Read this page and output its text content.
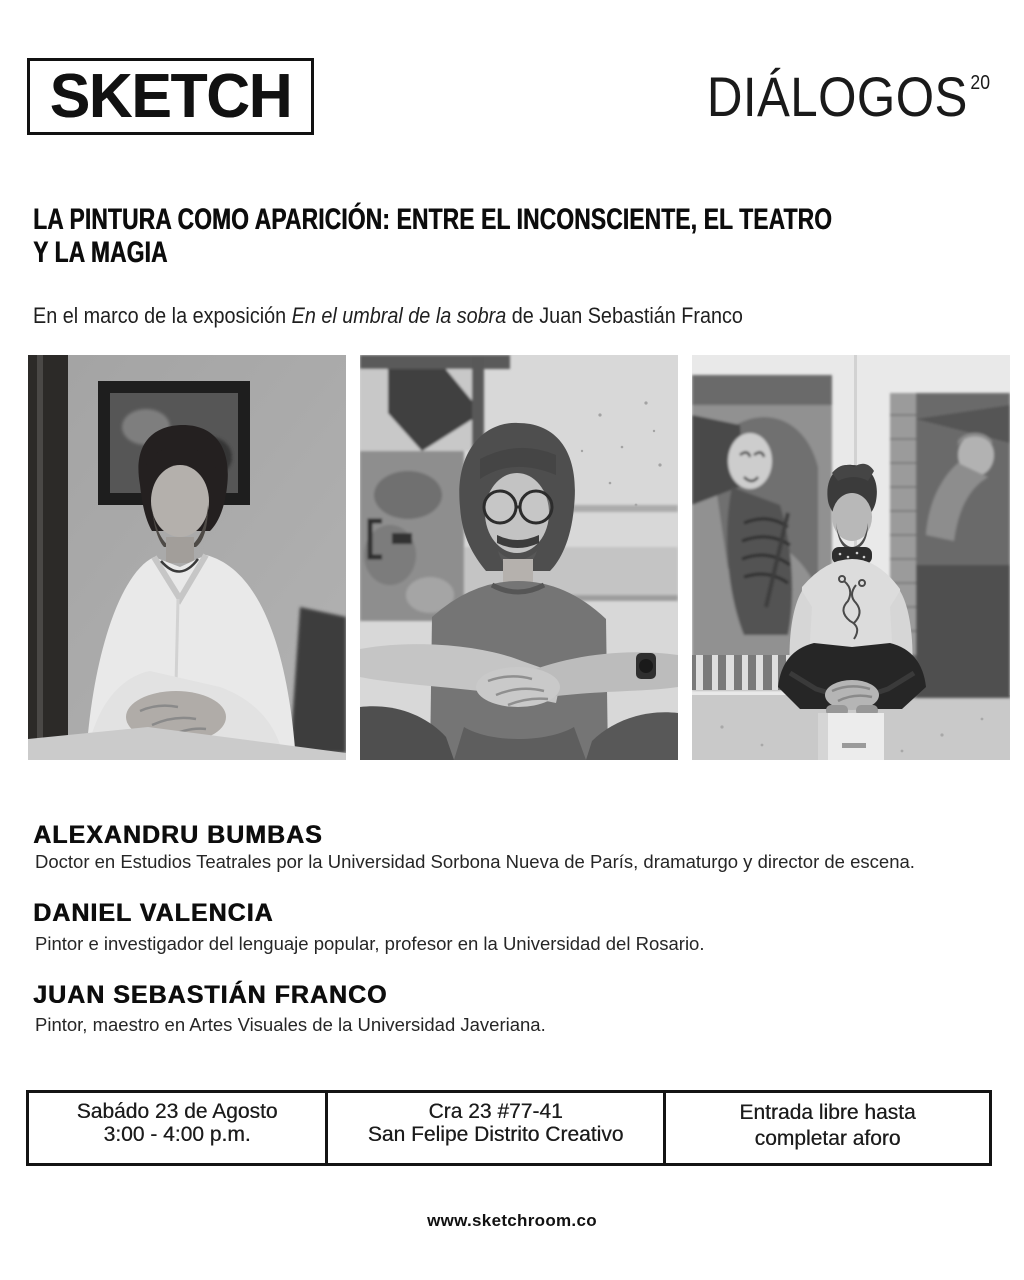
SKETCH	DIÁLOGOS 20
LA PINTURA COMO APARICIÓN: ENTRE EL INCONSCIENTE, EL TEATRO
Y LA MAGIA
En el marco de la exposición En el umbral de la sobra de Juan Sebastián Franco
ALEXANDRU BUMBAS
Doctor en Estudios Teatrales por la Universidad Sorbona Nueva de París, dramaturgo y director de escena.
DANIEL VALENCIA
Pintor e investigador del lenguaje popular, profesor en la Universidad del Rosario.
JUAN SEBASTIÁN FRANCO
Pintor, maestro en Artes Visuales de la Universidad Javeriana.
Sabádo 23 de Agosto
3:00 - 4:00 p.m.
Cra 23 #77-41
San Felipe Distrito Creativo
Entrada libre hasta
completar aforo
www.sketchroom.co
